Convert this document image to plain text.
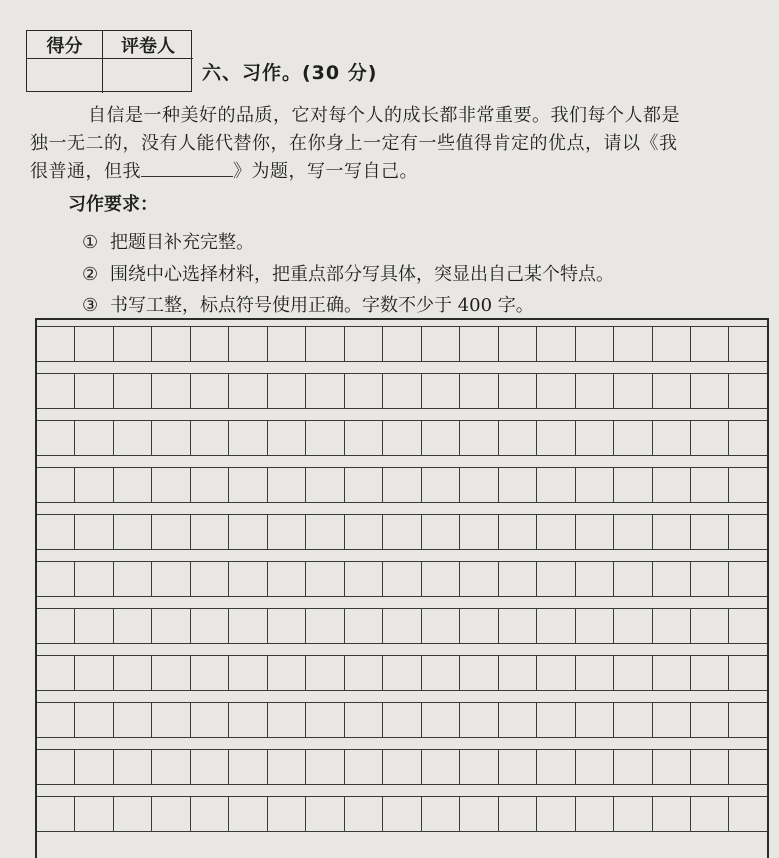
得分	评卷人
六、习作。(30 分)
自信是一种美好的品质，它对每个人的成长都非常重要。我们每个人都是
独一无二的，没有人能代替你，在你身上一定有一些值得肯定的优点，请以《我
很普通，但我	》为题，写一写自己。
习作要求：
① 把题目补充完整。
② 围绕中心选择材料，把重点部分写具体，突显出自己某个特点。
③ 书写工整，标点符号使用正确。字数不少于 400 字。
